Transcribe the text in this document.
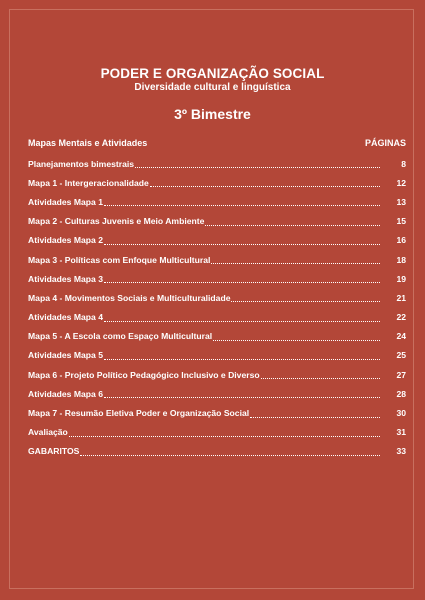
PODER E ORGANIZAÇÃO SOCIAL
Diversidade cultural e linguística
3º Bimestre
Mapas Mentais e Atividades	PÁGINAS
Planejamentos bimestrais	8
Mapa 1 - Intergeracionalidade	12
Atividades Mapa 1	13
Mapa 2 - Culturas Juvenis e Meio Ambiente	15
Atividades Mapa 2	16
Mapa 3 - Políticas com Enfoque Multicultural	18
Atividades Mapa 3	19
Mapa 4 - Movimentos Sociais e Multiculturalidade	21
Atividades Mapa 4	22
Mapa 5 - A Escola como Espaço Multicultural	24
Atividades Mapa 5	25
Mapa 6 - Projeto Político Pedagógico Inclusivo e Diverso	27
Atividades Mapa 6	28
Mapa 7 - Resumão Eletiva Poder e Organização Social	30
Avaliação	31
GABARITOS	33
